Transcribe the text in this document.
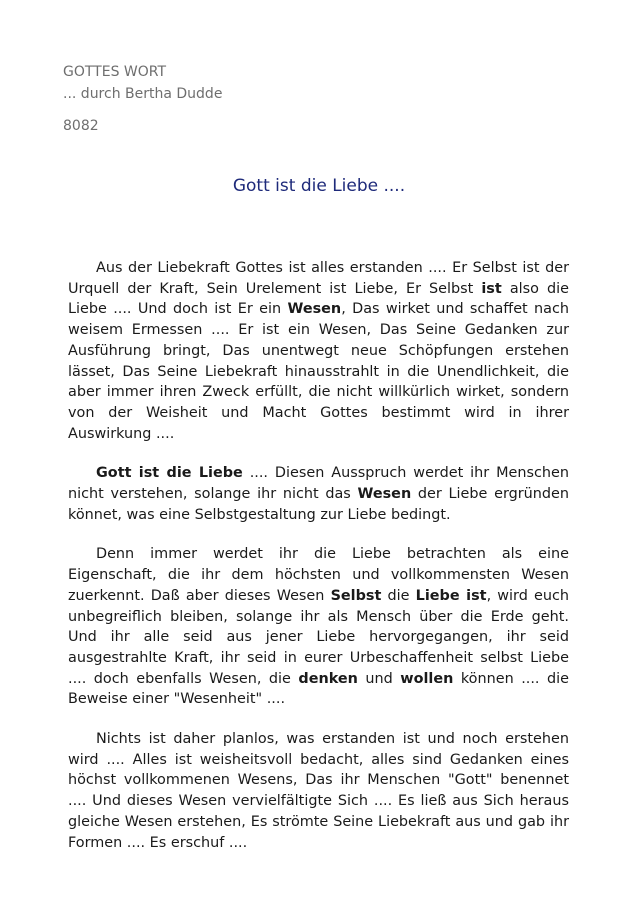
GOTTES WORT
... durch Bertha Dudde
8082
Gott ist die Liebe ....

Aus der Liebekraft Gottes ist alles erstanden .... Er Selbst ist der Urquell der Kraft, Sein Urelement ist Liebe, Er Selbst ist also die Liebe .... Und doch ist Er ein Wesen, Das wirket und schaffet nach weisem Ermessen .... Er ist ein Wesen, Das Seine Gedanken zur Ausführung bringt, Das unentwegt neue Schöpfungen erstehen lässet, Das Seine Liebekraft hinausstrahlt in die Unendlichkeit, die aber immer ihren Zweck erfüllt, die nicht willkürlich wirket, sondern von der Weisheit und Macht Gottes bestimmt wird in ihrer Auswirkung ....

Gott ist die Liebe .... Diesen Ausspruch werdet ihr Menschen nicht verstehen, solange ihr nicht das Wesen der Liebe ergründen könnet, was eine Selbstgestaltung zur Liebe bedingt.

Denn immer werdet ihr die Liebe betrachten als eine Eigenschaft, die ihr dem höchsten und vollkommensten Wesen zuerkennt. Daß aber dieses Wesen Selbst die Liebe ist, wird euch unbegreiflich bleiben, solange ihr als Mensch über die Erde geht. Und ihr alle seid aus jener Liebe hervorgegangen, ihr seid ausgestrahlte Kraft, ihr seid in eurer Urbeschaffenheit selbst Liebe .... doch ebenfalls Wesen, die denken und wollen können .... die Beweise einer "Wesenheit" ....

Nichts ist daher planlos, was erstanden ist und noch erstehen wird .... Alles ist weisheitsvoll bedacht, alles sind Gedanken eines höchst vollkommenen Wesens, Das ihr Menschen "Gott" benennet .... Und dieses Wesen vervielfältigte Sich .... Es ließ aus Sich heraus gleiche Wesen erstehen, Es strömte Seine Liebekraft aus und gab ihr Formen .... Es erschuf ....
